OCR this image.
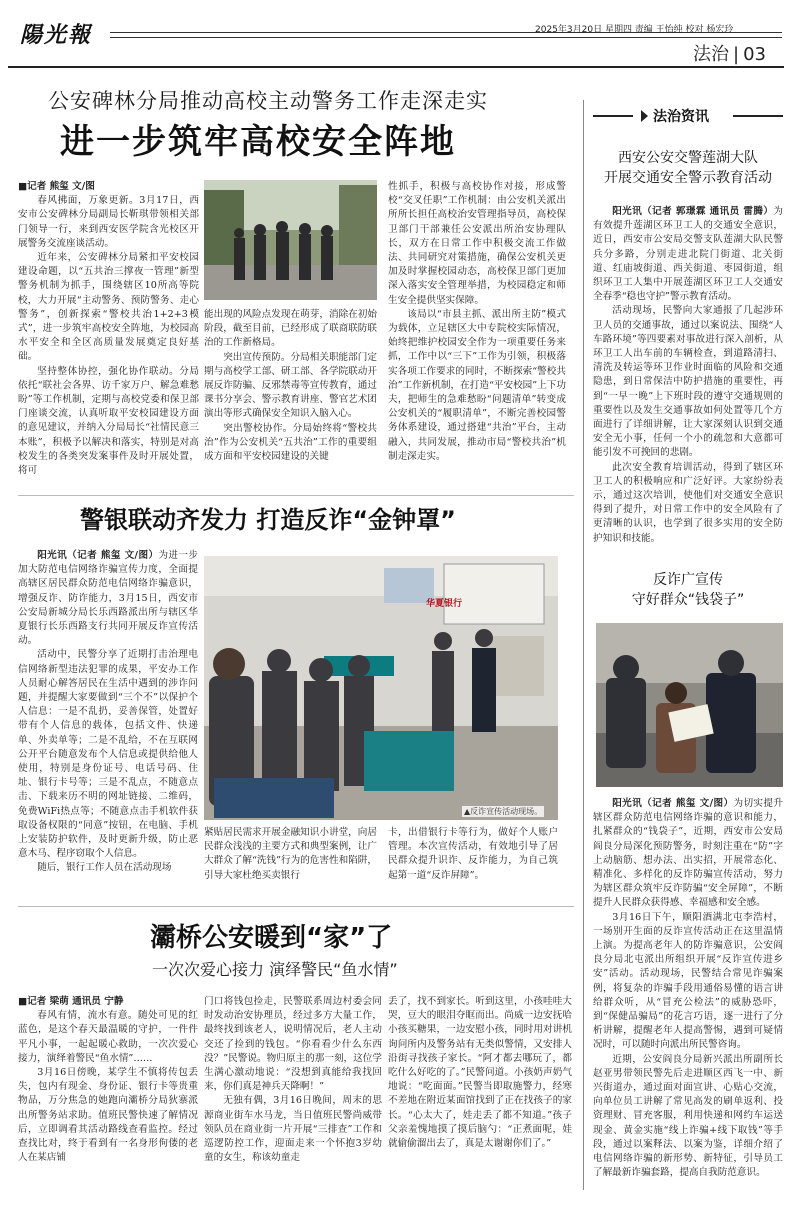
陽光報	2025年3月20日 星期四 责编 王怡纯 校对 杨宏玲
法治 | 03
公安碑林分局推动高校主动警务工作走深走实
进一步筑牢高校安全阵地

■记者 熊玺 文/图

春风拂面，万象更新。3月17日，西安市公安碑林分局副局长靳琪带领相关部门领导一行，来到西安医学院含光校区开展警务交流座谈活动。

近年来，公安碑林分局紧扣平安校园建设命题，以“五共治三撑夜一管理”新型警务机制为抓手，围绕辖区10所高等院校，大力开展“主动警务、预防警务、走心警务”，创新探索“警校共治1+2+3模式”，进一步筑牢高校安全阵地，为校园高水平安全和全区高质量发展奠定良好基础。

坚持整体协控，强化协作联动。分局依托“联社会各界、访千家万户、解急难愁盼”等工作机制，定期与高校党委和保卫部门座谈交流，认真听取平安校园建设方面的意见建议，并纳入分局局长“社情民意三本账”，积极予以解决和落实，特别是对高校发生的各类突发案事件及时开展处置，将可

能出现的风险点发现在萌芽，消除在初始阶段，截至目前，已经形成了联商联防联治的工作新格局。

突出宣传预防。分局相关职能部门定期与高校学工部、研工部、各学院联动开展反诈防骗、反邪禁毒等宣传教育，通过课书分享会、警示教育讲座、警官艺术团演出等形式确保安全知识入脑入心。

突出警校协作。分局始终将“警校共治”作为公安机关“五共治”工作的重要组成方面和平安校园建设的关键

性抓手，积极与高校协作对接，形成警校“交叉任职”工作机制：由公安机关派出所所长担任高校治安管理指导员，高校保卫部门干部兼任公安派出所治安协理队长，双方在日常工作中积极交流工作做法、共同研究对策措施，确保公安机关更加及时掌握校园动态，高校保卫部门更加深入落实安全管理举措，为校园稳定和师生安全提供坚实保障。

该局以“市县主抓、派出所主防”模式为载体，立足辖区大中专院校实际情况，始终把维护校园安全作为一项重要任务来抓，工作中以“三下”工作为引领，积极落实各项工作要求的同时，不断探索“警校共治”工作新机制，在打造“平安校园”上下功夫，把师生的急难愁盼“问题清单”转变成公安机关的“履职清单”，不断完善校园警务体系建设，通过搭建“共治”平台，主动融入，共同发展，推动市局“警校共治”机制走深走实。

警银联动齐发力 打造反诈“金钟罩”

阳光讯（记者 熊玺 文/图）为进一步加大防范电信网络诈骗宣传力度，全面提高辖区居民群众防范电信网络诈骗意识，增强反诈、防诈能力，3月15日，西安市公安局新城分局长乐西路派出所与辖区华夏银行长乐西路支行共同开展反诈宣传活动。

活动中，民警分享了近期打击治理电信网络新型违法犯罪的成果，平安办工作人员耐心解答居民在生活中遇到的涉诈问题，并提醒大家要做到“三个不”以保护个人信息：一是不乱扔，妥善保管，处置好带有个人信息的载体，包括文件、快递单、外卖单等；二是不乱给，不在互联网公开平台随意发布个人信息或提供给他人使用，特别是身份证号、电话号码、住址、银行卡号等；三是不乱点，不随意点击、下载来历不明的网址链接、二维码，免费WiFi热点等；不随意点击手机软件获取设备权限的“同意”按钮，在电脑、手机上安装防护软件，及时更新升级，防止恶意木马、程序窃取个人信息。

随后，银行工作人员在活动现场

华夏银行
▲反诈宣传活动现场。

紧贴居民需求开展金融知识小讲堂，向居民群众浅浅的主要方式和典型案例，让广大群众了解“洗钱”行为的危害性和陷阱，引导大家杜绝买卖银行

卡，出借银行卡等行为，做好个人账户管理。本次宣传活动，有效地引导了居民群众提升识诈、反诈能力，为自己筑起第一道“反诈屏障”。

灞桥公安暖到“家”了
一次次爱心接力 演绎警民“鱼水情”

■记者 梁萌 通讯员 宁静

春风有情，流水有意。随处可见的红蓝色，是这个春天最温暖的守护，一件件平凡小事，一起起暖心救助，一次次爱心接力，演绎着警民“鱼水情”……

3月16日傍晚，某学生不慎将传包丢失，包内有现金、身份证、银行卡等贵重物品，万分焦急的她跑向灞桥分局狄寨派出所警务站求助。值班民警快速了解情况后，立即调看其活动路线查看监控。经过查找比对，终于看到有一名身形佝偻的老人在某店铺

门口将钱包捡走，民警联系周边村委会同时发动治安协理员，经过多方大量工作，最终找到该老人，说明情况后，老人主动交还了捡到的钱包。“你看看少什么东西没？”民警说。物归原主的那一刻，这位学生满心激动地说：“没想到真能给我找回来，你们真是神兵天降啊！”

无独有偶，3月16日晚间，周末的思源商业街车水马龙，当日值班民警尚威带领队员在商业街一片开展“三排查”工作和巡逻防控工作，迎面走来一个怀抱3岁幼童的女生，称该幼童走

丢了，找不到家长。听到这里，小孩哇哇大哭，豆大的眼泪夺眶而出。尚威一边安抚哈小孩买糖果，一边安慰小孩，同时用对讲机询问所内及警务站有无类似警情，又安排人沿街寻找孩子家长。“阿才都去哪玩了，都吃什么好吃的了。”民警问道。小孩奶声奶气地说：“吃面面。”民警当即取施警力，经寒不差地在附近某面馆找到了正在找孩子的家长。“心太大了，娃走丢了都不知道。”孩子父亲羞愧地摸了摸后脑勺：“正煮面呢，娃就偷偷溜出去了，真是太谢谢你们了。”

法治资讯
西安公安交警莲湖大队
开展交通安全警示教育活动

阳光讯（记者 郭璟霖 通讯员 雷腾）为有效提升莲湖区环卫工人的交通安全意识，近日，西安市公安局交警支队莲湖大队民警兵分多路，分别走进北院门街道、北关街道、红庙坡街道、西关街道、枣园街道，组织环卫工人集中开展莲湖区环卫工人交通安全春季“稳也守护”警示教育活动。

活动现场，民警向大家通报了几起涉环卫人员的交通事故，通过以案说法、围绕“人车路环境”等四要素对事故进行深入剖析，从环卫工人出车前的车辆检查，到道路清扫、清洗及转运等环卫作业时面临的风险和交通隐患，到日常保洁中防护措施的重要性，再到“一早一晚”上下班时段的遵守交通规则的重要性以及发生交通事故如何处置等几个方面进行了详细讲解，让大家深刻认识到交通安全无小事，任何一个小的疏忽和大意都可能引发不可挽回的悲剧。

此次安全教育培训活动，得到了辖区环卫工人的积极响应和广泛好评。大家纷纷表示，通过这次培训，使他们对交通安全意识得到了提升，对日常工作中的安全风险有了更清晰的认识，也学到了很多实用的安全防护知识和技能。

反诈广宣传
守好群众“钱袋子”

阳光讯（记者 熊玺 文/图）为切实提升辖区群众防范电信网络诈骗的意识和能力，扎紧群众的“钱袋子”，近期，西安市公安局阎良分局深化预防警务，时刻注重在“防”字上动脑筋、想办法、出实招，开展常态化、精准化、多样化的反诈防骗宣传活动，努力为辖区群众筑牢反诈防骗“安全屏障”，不断提升人民群众获得感、幸福感和安全感。

3月16日下午，顺阳酒满北屯李浩村，一场别开生面的反诈宣传活动正在这里温情上演。为提高老年人的防诈骗意识，公安阎良分局北屯派出所组织开展“反诈宣传进乡安”活动。活动现场，民警结合常见诈骗案例，将复杂的诈骗手段用通俗易懂的语言讲给群众听，从“冒充公检法”的威胁恐吓，到“保健品骗局”的花言巧语，逐一进行了分析讲解，提醒老年人提高警惕，遇到可疑情况时，可以随时向派出所民警咨询。

近期，公安阎良分局新兴派出所副所长赵亚男带领民警先后走进顺区西飞一中、新兴街道办，通过面对面宣讲、心贴心交流，向单位员工讲解了常见高发的刷单返利、投资理财、冒充客服，利用快递和网约车运送现金、黄金实施“线上诈骗+线下取钱”等手段，通过以案释法、以案为鉴，详细介绍了电信网络诈骗的新形势、新特征，引导员工了解最新诈骗套路，提高自我防范意识。
